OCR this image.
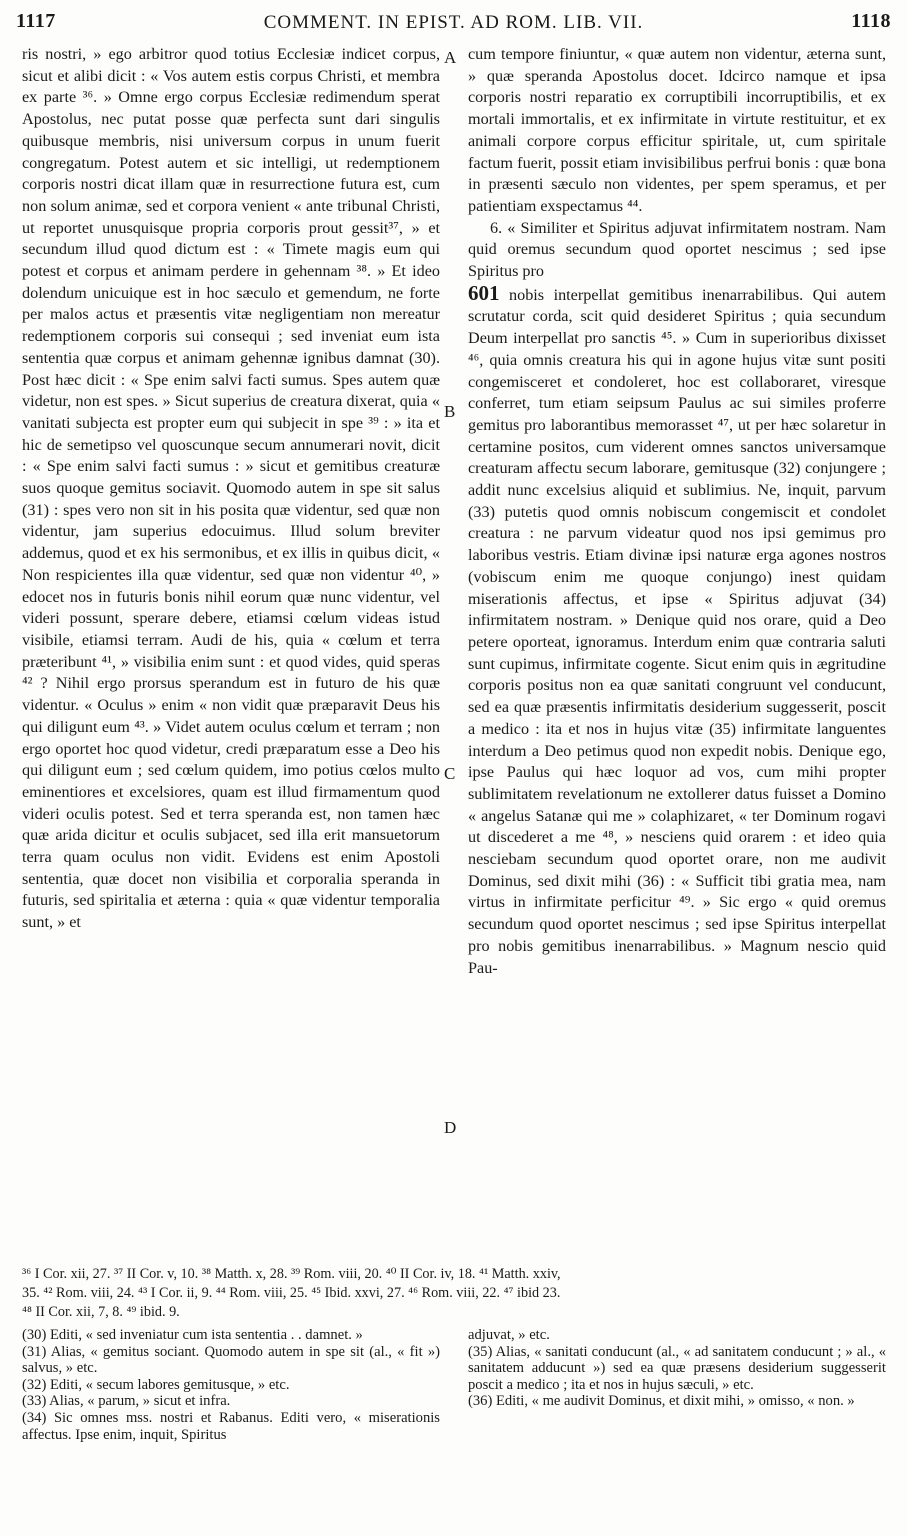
1117	COMMENT. IN EPIST. AD ROM. LIB. VII.	1118

ris nostri, » ego arbitror quod totius Ecclesiæ indicet corpus, sicut et alibi dicit : « Vos autem estis corpus Christi, et membra ex parte ³⁶. » Omne ergo corpus Ecclesiæ redimendum sperat Apostolus, nec putat posse quæ perfecta sunt dari singulis quibusque membris, nisi universum corpus in unum fuerit congregatum. Potest autem et sic intelligi, ut redemptionem corporis nostri dicat illam quæ in resurrectione futura est, cum non solum animæ, sed et corpora venient « ante tribunal Christi, ut reportet unusquisque propria corporis prout gessit³⁷, » et secundum illud quod dictum est : « Timete magis eum qui potest et corpus et animam perdere in gehennam ³⁸. » Et ideo dolendum unicuique est in hoc sæculo et gemendum, ne forte per malos actus et præsentis vitæ negligentiam non mereatur redemptionem corporis sui consequi ; sed inveniat eum ista sententia quæ corpus et animam gehennæ ignibus damnat (30). Post hæc dicit : « Spe enim salvi facti sumus. Spes autem quæ videtur, non est spes. » Sicut superius de creatura dixerat, quia « vanitati subjecta est propter eum qui subjecit in spe ³⁹ : » ita et hic de semetipso vel quoscunque secum annumerari novit, dicit : « Spe enim salvi facti sumus : » sicut et gemitibus creaturæ suos quoque gemitus sociavit. Quomodo autem in spe sit salus (31) : spes vero non sit in his posita quæ videntur, sed quæ non videntur, jam superius edocuimus. Illud solum breviter addemus, quod et ex his sermonibus, et ex illis in quibus dicit, « Non respicientes illa quæ videntur, sed quæ non videntur ⁴⁰, » edocet nos in futuris bonis nihil eorum quæ nunc videntur, vel videri possunt, sperare debere, etiamsi cœlum videas istud visibile, etiamsi terram. Audi de his, quia « cœlum et terra præteribunt ⁴¹, » visibilia enim sunt : et quod vides, quid speras ⁴² ? Nihil ergo prorsus sperandum est in futuro de his quæ videntur. « Oculus » enim « non vidit quæ præparavit Deus his qui diligunt eum ⁴³. » Videt autem oculus cœlum et terram ; non ergo oportet hoc quod videtur, credi præparatum esse a Deo his qui diligunt eum ; sed cœlum quidem, imo potius cœlos multo eminentiores et excelsiores, quam est illud firmamentum quod videri oculis potest. Sed et terra speranda est, non tamen hæc quæ arida dicitur et oculis subjacet, sed illa erit mansuetorum terra quam oculus non vidit. Evidens est enim Apostoli sententia, quæ docet non visibilia et corporalia speranda in futuris, sed spiritalia et æterna : quia « quæ videntur temporalia sunt, » et

A
B
C
D

cum tempore finiuntur, « quæ autem non videntur, æterna sunt, » quæ speranda Apostolus docet. Idcirco namque et ipsa corporis nostri reparatio ex corruptibili incorruptibilis, et ex mortali immortalis, et ex infirmitate in virtute restituitur, et ex animali corpore corpus efficitur spiritale, ut, cum spiritale factum fuerit, possit etiam invisibilibus perfrui bonis : quæ bona in præsenti sæculo non videntes, per spem speramus, et per patientiam exspectamus ⁴⁴.

6. « Similiter et Spiritus adjuvat infirmitatem nostram. Nam quid oremus secundum quod oportet nescimus ; sed ipse Spiritus pro

601 nobis interpellat gemitibus inenarrabilibus. Qui autem scrutatur corda, scit quid desideret Spiritus ; quia secundum Deum interpellat pro sanctis ⁴⁵. » Cum in superioribus dixisset ⁴⁶, quia omnis creatura his qui in agone hujus vitæ sunt positi congemisceret et condoleret, hoc est collaboraret, viresque conferret, tum etiam seipsum Paulus ac sui similes proferre gemitus pro laborantibus memorasset ⁴⁷, ut per hæc solaretur in certamine positos, cum viderent omnes sanctos universamque creaturam affectu secum laborare, gemitusque (32) conjungere ; addit nunc excelsius aliquid et sublimius. Ne, inquit, parvum (33) putetis quod omnis nobiscum congemiscit et condolet creatura : ne parvum videatur quod nos ipsi gemimus pro laboribus vestris. Etiam divinæ ipsi naturæ erga agones nostros (vobiscum enim me quoque conjungo) inest quidam miserationis affectus, et ipse « Spiritus adjuvat (34) infirmitatem nostram. » Denique quid nos orare, quid a Deo petere oporteat, ignoramus. Interdum enim quæ contraria saluti sunt cupimus, infirmitate cogente. Sicut enim quis in ægritudine corporis positus non ea quæ sanitati congruunt vel conducunt, sed ea quæ præsentis infirmitatis desiderium suggesserit, poscit a medico : ita et nos in hujus vitæ (35) infirmitate languentes interdum a Deo petimus quod non expedit nobis. Denique ego, ipse Paulus qui hæc loquor ad vos, cum mihi propter sublimitatem revelationum ne extollerer datus fuisset a Domino « angelus Satanæ qui me » colaphizaret, « ter Dominum rogavi ut discederet a me ⁴⁸, » nesciens quid orarem : et ideo quia nesciebam secundum quod oportet orare, non me audivit Dominus, sed dixit mihi (36) : « Sufficit tibi gratia mea, nam virtus in infirmitate perficitur ⁴⁹. » Sic ergo « quid oremus secundum quod oportet nescimus ; sed ipse Spiritus interpellat pro nobis gemitibus inenarrabilibus. » Magnum nescio quid Pau-

³⁶ I Cor. xii, 27. ³⁷ II Cor. v, 10. ³⁸ Matth. x, 28. ³⁹ Rom. viii, 20. ⁴⁰ II Cor. iv, 18. ⁴¹ Matth. xxiv,
35. ⁴² Rom. viii, 24. ⁴³ I Cor. ii, 9. ⁴⁴ Rom. viii, 25. ⁴⁵ Ibid. xxvi, 27. ⁴⁶ Rom. viii, 22. ⁴⁷ ibid 23.
⁴⁸ II Cor. xii, 7, 8. ⁴⁹ ibid. 9.

(30) Editi, « sed inveniatur cum ista sententia . . damnet. »

(31) Alias, « gemitus sociant. Quomodo autem in spe sit (al., « fit ») salvus, » etc.

(32) Editi, « secum labores gemitusque, » etc.

(33) Alias, « parum, » sicut et infra.

(34) Sic omnes mss. nostri et Rabanus. Editi vero, « miserationis affectus. Ipse enim, inquit, Spiritus

adjuvat, » etc.

(35) Alias, « sanitati conducunt (al., « ad sanitatem conducunt ; » al., « sanitatem adducunt ») sed ea quæ præsens desiderium suggesserit poscit a medico ; ita et nos in hujus sæculi, » etc.

(36) Editi, « me audivit Dominus, et dixit mihi, » omisso, « non. »
